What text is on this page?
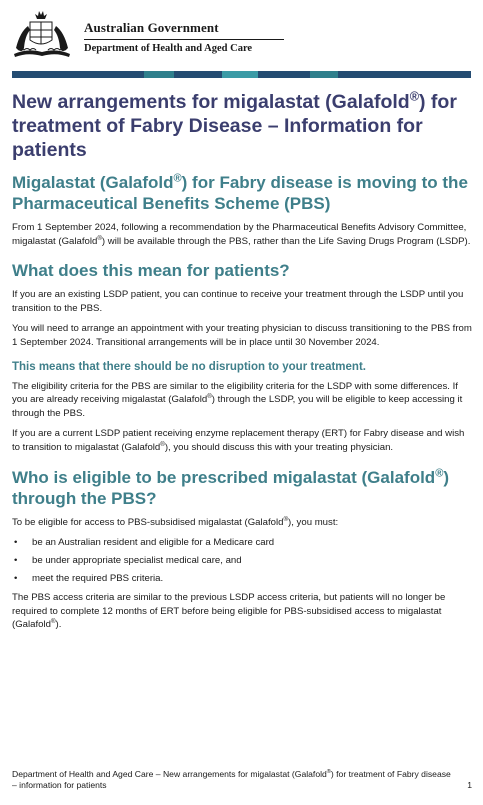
Australian Government
Department of Health and Aged Care
New arrangements for migalastat (Galafold®) for treatment of Fabry Disease – Information for patients
Migalastat (Galafold®) for Fabry disease is moving to the Pharmaceutical Benefits Scheme (PBS)

From 1 September 2024, following a recommendation by the Pharmaceutical Benefits Advisory Committee, migalastat (Galafold®) will be available through the PBS, rather than the Life Saving Drugs Program (LSDP).

What does this mean for patients?

If you are an existing LSDP patient, you can continue to receive your treatment through the LSDP until you transition to the PBS.

You will need to arrange an appointment with your treating physician to discuss transitioning to the PBS from 1 September 2024. Transitional arrangements will be in place until 30 November 2024.

This means that there should be no disruption to your treatment.

The eligibility criteria for the PBS are similar to the eligibility criteria for the LSDP with some differences. If you are already receiving migalastat (Galafold®) through the LSDP, you will be eligible to keep accessing it through the PBS.

If you are a current LSDP patient receiving enzyme replacement therapy (ERT) for Fabry disease and wish to transition to migalastat (Galafold®), you should discuss this with your treating physician.

Who is eligible to be prescribed migalastat (Galafold®) through the PBS?

To be eligible for access to PBS-subsidised migalastat (Galafold®), you must:

• be an Australian resident and eligible for a Medicare card
• be under appropriate specialist medical care, and
• meet the required PBS criteria.

The PBS access criteria are similar to the previous LSDP access criteria, but patients will no longer be required to complete 12 months of ERT before being eligible for PBS-subsidised access to migalastat (Galafold®).

Department of Health and Aged Care – New arrangements for migalastat (Galafold®) for treatment of Fabry disease – information for patients	1
